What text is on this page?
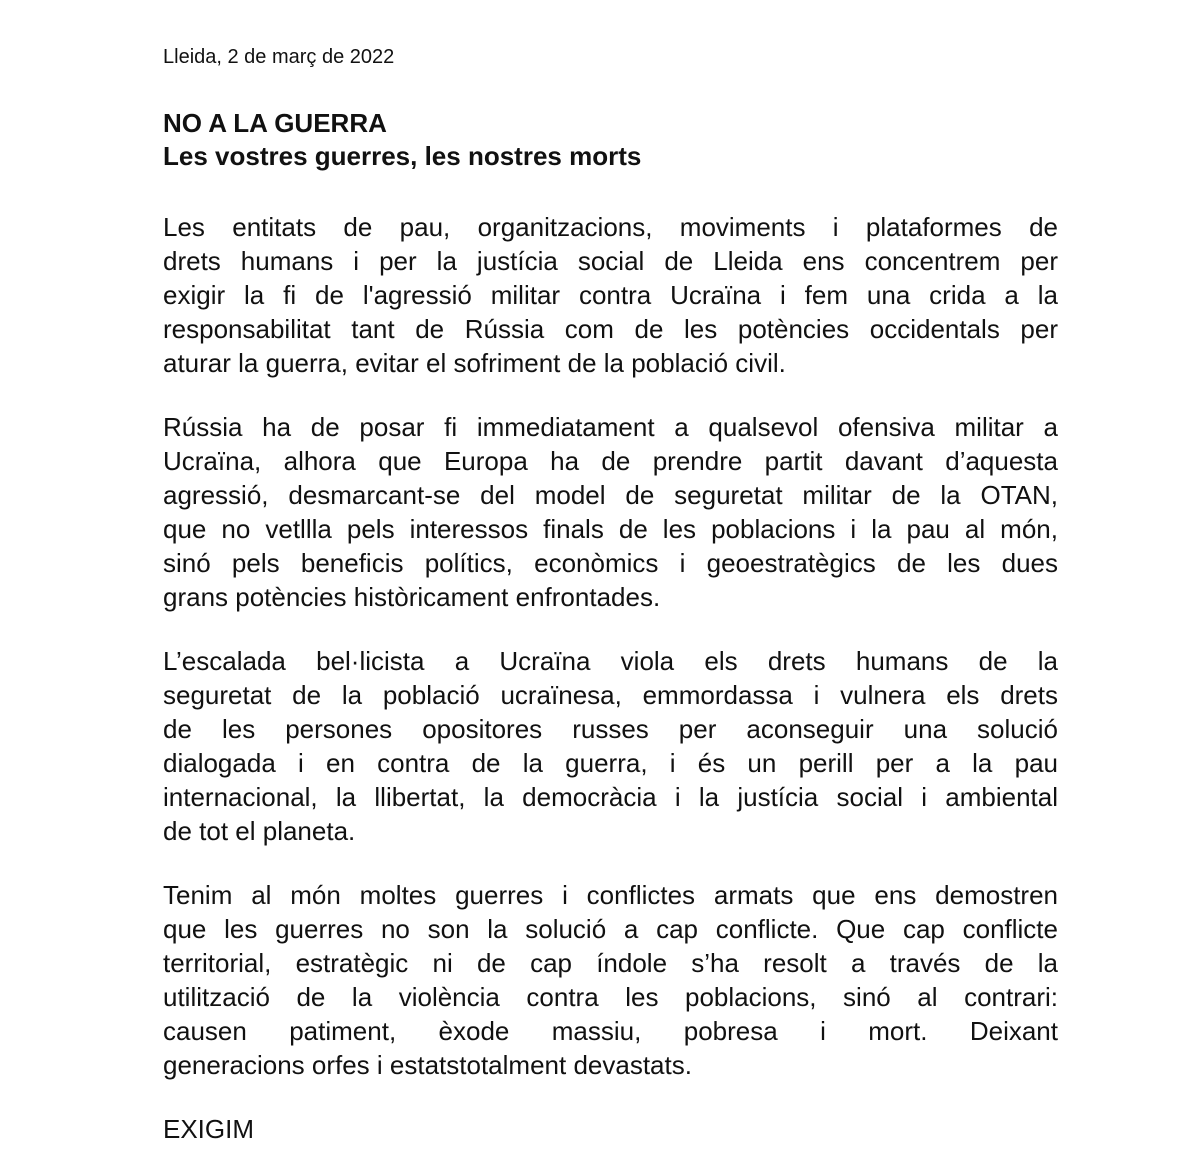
Lleida, 2 de març de 2022
NO A LA GUERRA
Les vostres guerres, les nostres morts
Les entitats de pau, organitzacions, moviments i plataformes de
drets humans i per la justícia social de Lleida ens concentrem per
exigir la fi de l'agressió militar contra Ucraïna i fem una crida a la
responsabilitat tant de Rússia com de les potències occidentals per
aturar la guerra, evitar el sofriment de la població civil.
Rússia ha de posar fi immediatament a qualsevol ofensiva militar a
Ucraïna, alhora que Europa ha de prendre partit davant d’aquesta
agressió, desmarcant-se del model de seguretat militar de la OTAN,
que no vetllla pels interessos finals de les poblacions i la pau al món,
sinó pels beneficis polítics, econòmics i geoestratègics de les dues
grans potències històricament enfrontades.
L’escalada bel·licista a Ucraïna viola els drets humans de la
seguretat de la població ucraïnesa, emmordassa i vulnera els drets
de les persones opositores russes per aconseguir una solució
dialogada i en contra de la guerra, i és un perill per a la pau
internacional, la llibertat, la democràcia i la justícia social i ambiental
de tot el planeta.
Tenim al món moltes guerres i conflictes armats que ens demostren
que les guerres no son la solució a cap conflicte. Que cap conflicte
territorial, estratègic ni de cap índole s’ha resolt a través de la
utilització de la violència contra les poblacions, sinó al contrari:
causen patiment, èxode massiu, pobresa i mort. Deixant
generacions orfes i estatstotalment devastats.
EXIGIM
